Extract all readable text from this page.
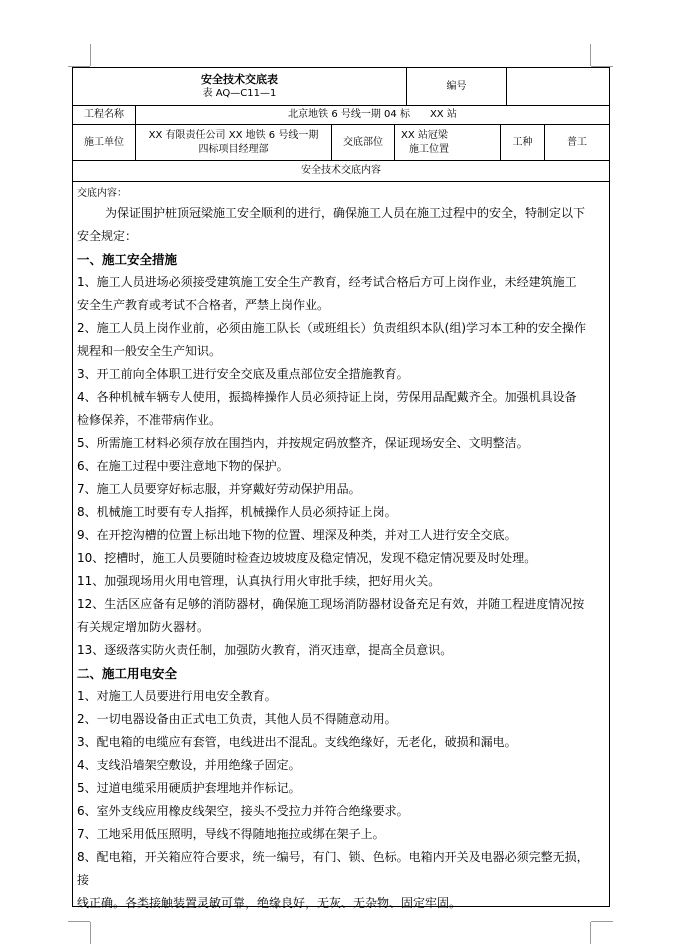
安全技术交底表
表 AQ—C11—1
编号
工程名称	北京地铁 6 号线一期 04 标　　XX 站
施工单位
XX 有限责任公司 XX 地铁 6 号线一期
四标项目经理部
交底部位
XX 站冠梁
施工位置
工种	普工
安全技术交底内容
交底内容：

为保证围护桩顶冠梁施工安全顺利的进行，确保施工人员在施工过程中的安全，特制定以下

安全规定：

一、施工安全措施

1、施工人员进场必须接受建筑施工安全生产教育，经考试合格后方可上岗作业，未经建筑施工

安全生产教育或考试不合格者，严禁上岗作业。

2、施工人员上岗作业前，必须由施工队长（或班组长）负责组织本队(组)学习本工种的安全操作

规程和一般安全生产知识。

3、开工前向全体职工进行安全交底及重点部位安全措施教育。

4、各种机械车辆专人使用，振捣棒操作人员必须持证上岗，劳保用品配戴齐全。加强机具设备

检修保养，不准带病作业。

5、所需施工材料必须存放在围挡内，并按规定码放整齐，保证现场安全、文明整洁。

6、在施工过程中要注意地下物的保护。

7、施工人员要穿好标志服，并穿戴好劳动保护用品。

8、机械施工时要有专人指挥，机械操作人员必须持证上岗。

9、在开挖沟槽的位置上标出地下物的位置、埋深及种类，并对工人进行安全交底。

10、挖槽时，施工人员要随时检查边坡坡度及稳定情况，发现不稳定情况要及时处理。

11、加强现场用火用电管理，认真执行用火审批手续，把好用火关。

12、生活区应备有足够的消防器材，确保施工现场消防器材设备充足有效，并随工程进度情况按

有关规定增加防火器材。

13、逐级落实防火责任制，加强防火教育，消灭违章，提高全员意识。

二、施工用电安全

1、对施工人员要进行用电安全教育。

2、一切电器设备由正式电工负责，其他人员不得随意动用。

3、配电箱的电缆应有套管，电线进出不混乱。支线绝缘好，无老化，破损和漏电。

4、支线沿墙架空敷设，并用绝缘子固定。

5、过道电缆采用硬质护套埋地并作标记。

6、室外支线应用橡皮线架空，接头不受拉力并符合绝缘要求。

7、工地采用低压照明，导线不得随地拖拉或绑在架子上。

8、配电箱，开关箱应符合要求，统一编号，有门、锁、色标。电箱内开关及电器必须完整无损，

接

线正确。各类接触装置灵敏可靠，绝缘良好，无灰、无杂物、固定牢固。
